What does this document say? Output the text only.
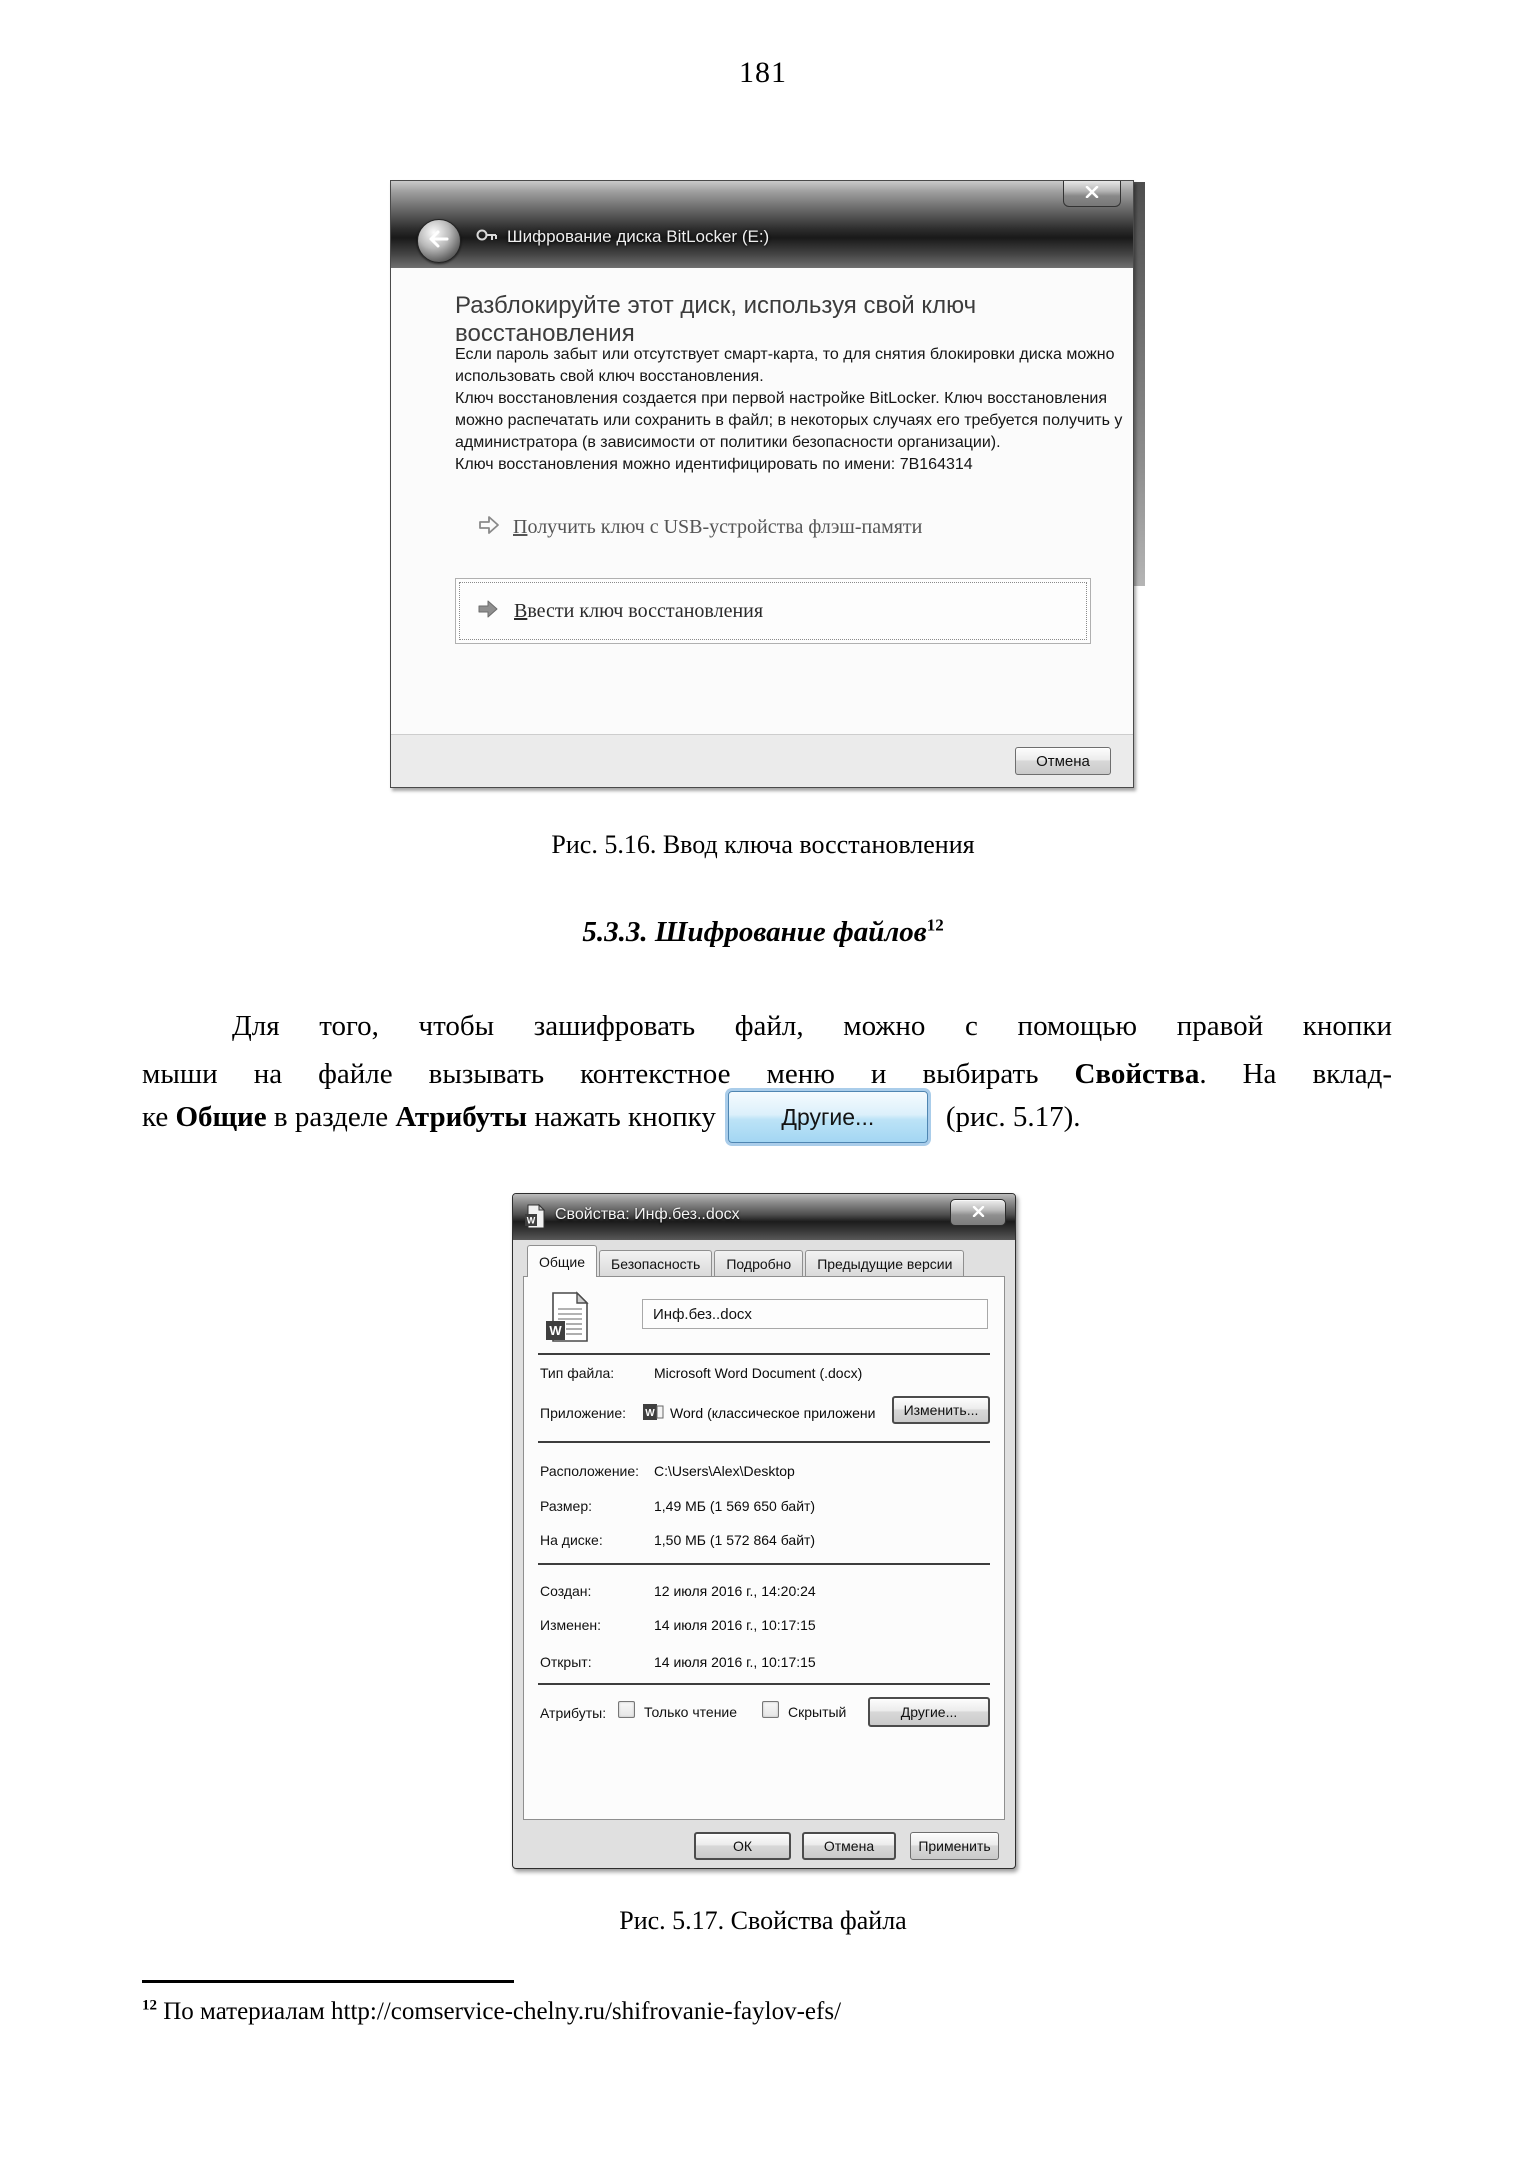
181
Шифрование диска BitLocker (E:)
Разблокируйте этот диск, используя свой ключ восстановления
Если пароль забыт или отсутствует смарт-карта, то для снятия блокировки диска можно
использовать свой ключ восстановления.
Ключ восстановления создается при первой настройке BitLocker. Ключ восстановления
можно распечатать или сохранить в файл; в некоторых случаях его требуется получить у
администратора (в зависимости от политики безопасности организации).
Ключ восстановления можно идентифицировать по имени: 7B164314
Получить ключ с USB-устройства флэш-памяти
Ввести ключ восстановления
Отмена
Рис. 5.16. Ввод ключа восстановления
5.3.3. Шифрование файлов$^{12}$
Для того, чтобы зашифровать файл, можно с помощью правой кнопки
мыши на файле вызывать контекстное меню и выбирать Свойства. На вклад-
ке Общие в разделе Атрибуты нажать кнопку	Другие...	(рис. 5.17).
W Свойства: Инф.без..docx
Общие	Безопасность	Подробно	Предыдущие версии
W
Инф.без..docx
Тип файла:	Microsoft Word Document (.docx)
Приложение: W Word (классическое приложени	Изменить...
Расположение: C:\Users\Alex\Desktop
Размер:	1,49 МБ (1 569 650 байт)
На диске:	1,50 МБ (1 572 864 байт)
Создан:	12 июля 2016 г., 14:20:24
Изменен:	14 июля 2016 г., 10:17:15
Открыт:	14 июля 2016 г., 10:17:15
Атрибуты:	Только чтение	Скрытый	Другие...
ОК	Отмена	Применить
Рис. 5.17. Свойства файла
$^{12}$ По материалам http://comservice-chelny.ru/shifrovanie-faylov-efs/
